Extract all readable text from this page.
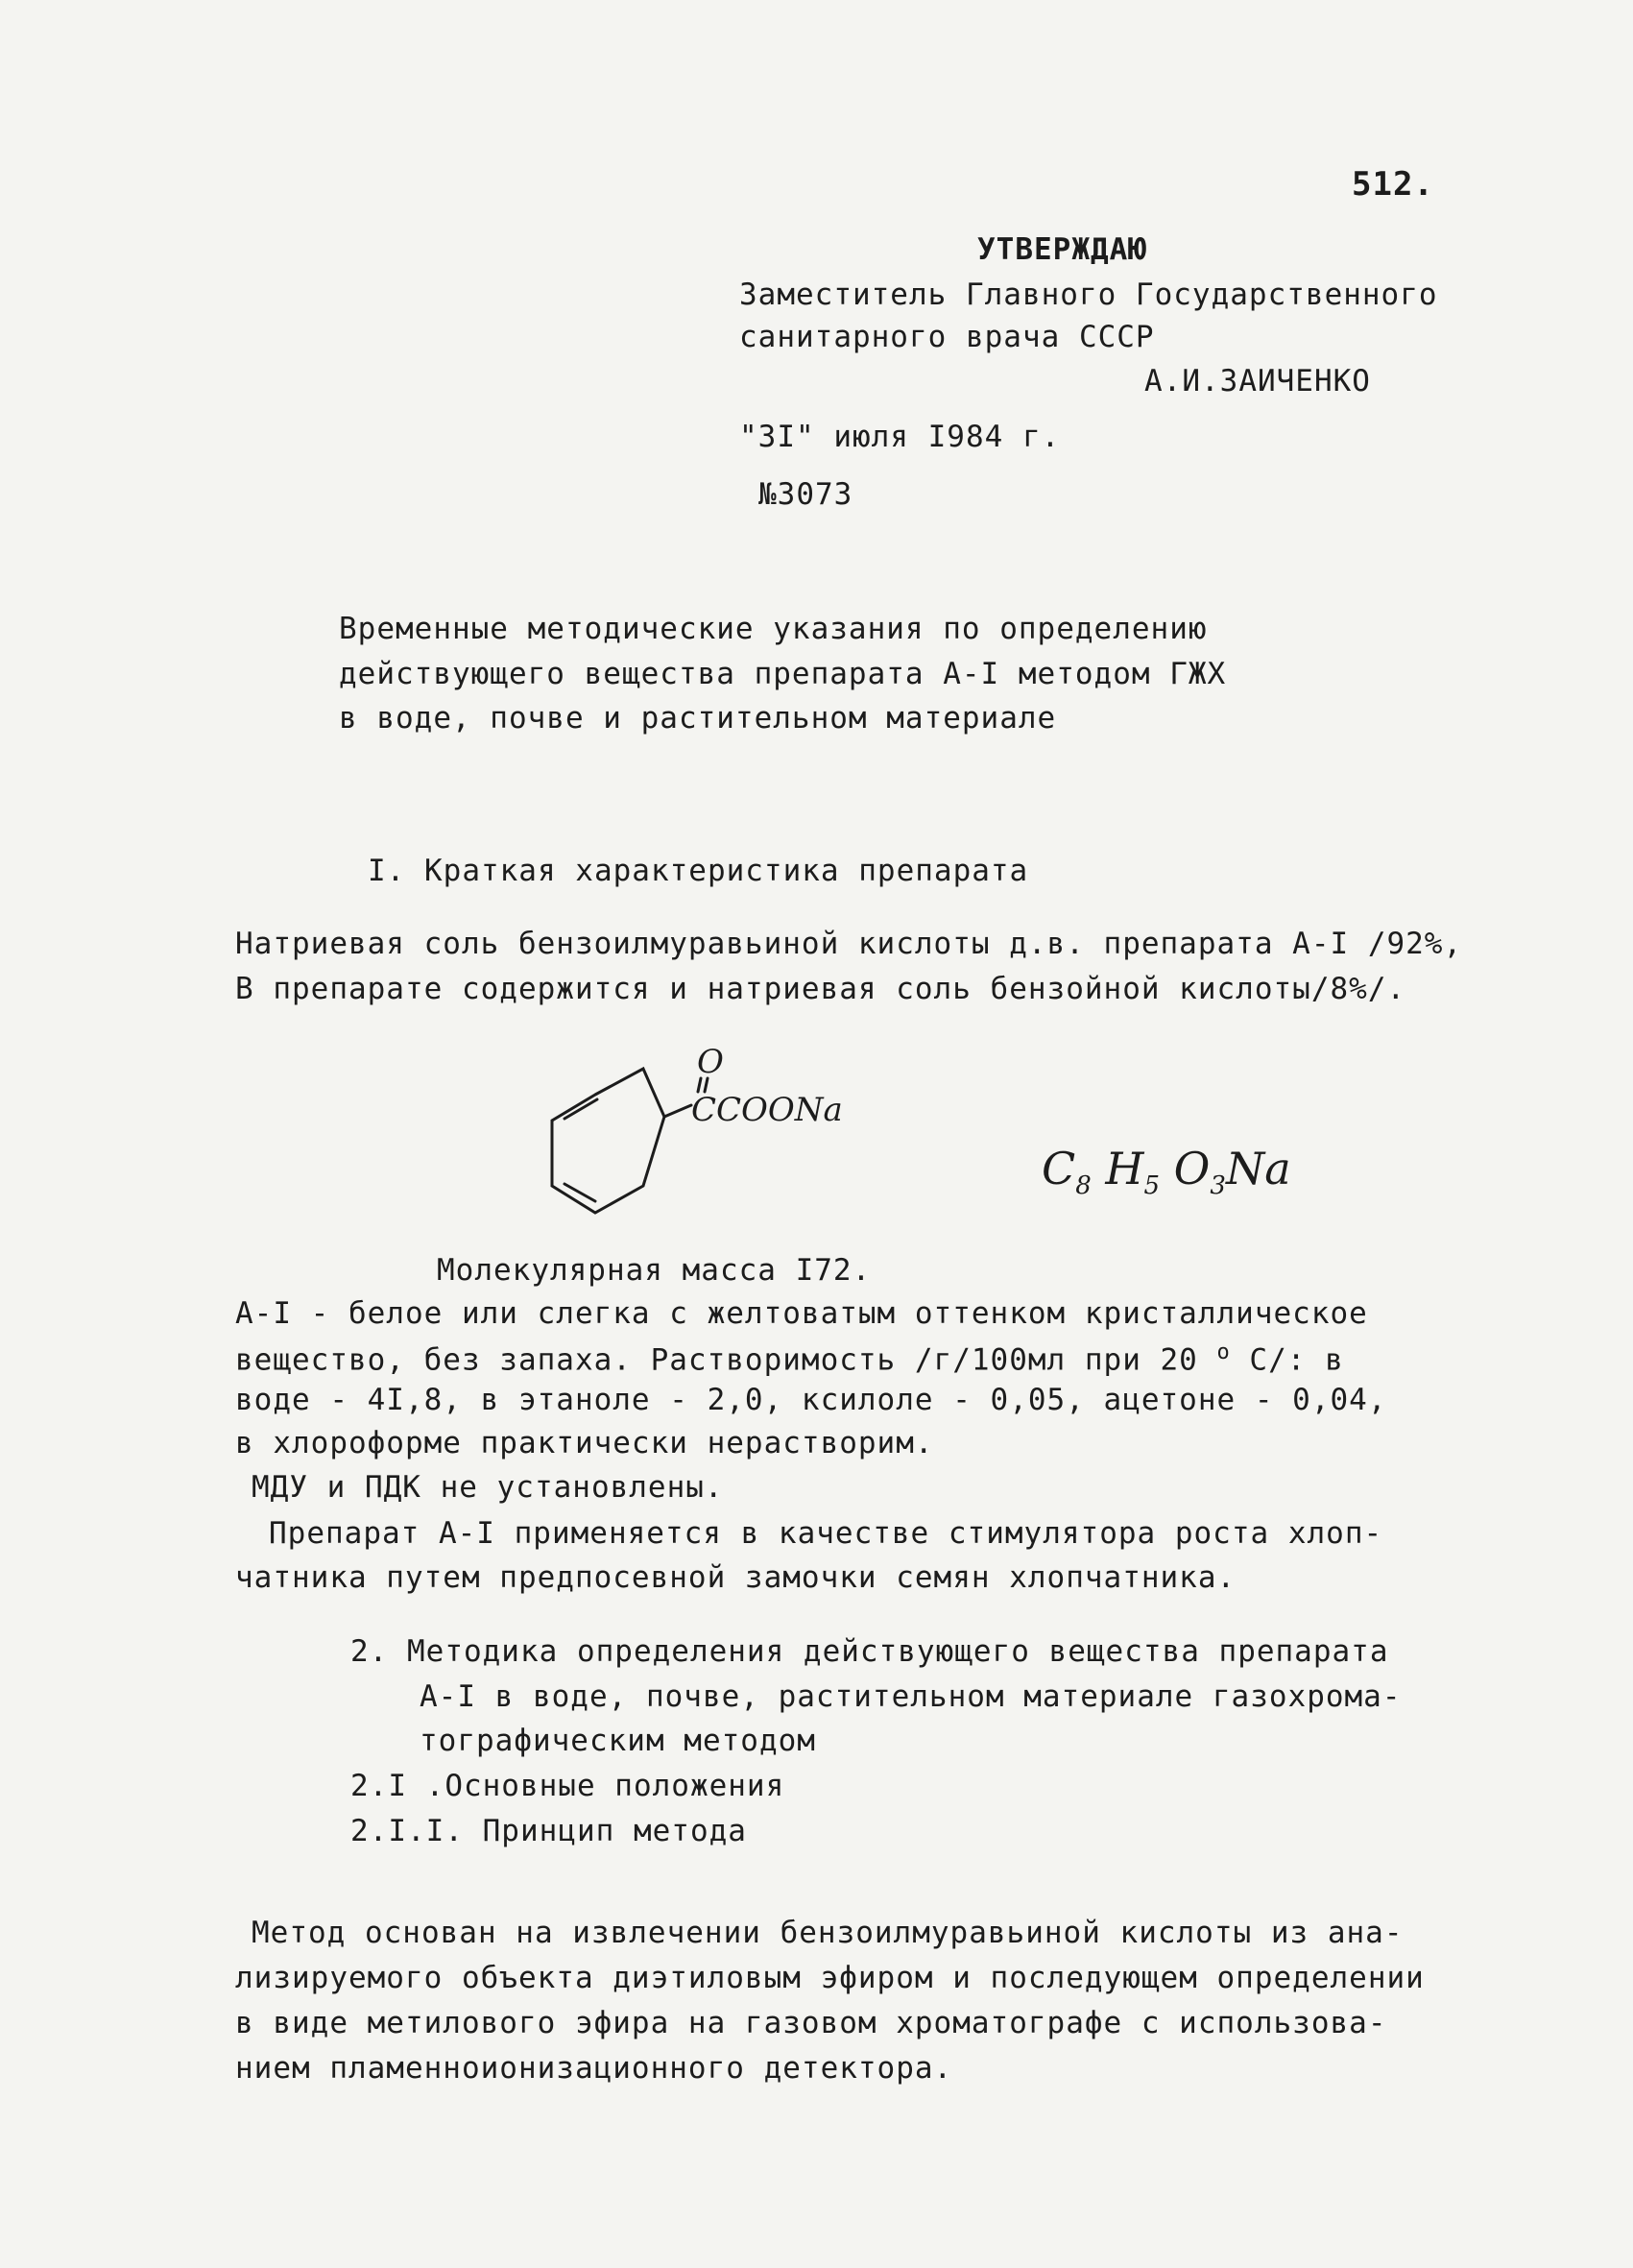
512.
УТВЕРЖДАЮ
Заместитель Главного Государственного
санитарного врача СССР
А.И.ЗАИЧЕНКО
"3I" июля I984 г.
№3073
Временные методические указания по определению
действующего вещества препарата А-I методом ГЖХ
в воде, почве и растительном материале
I. Краткая характеристика препарата
Натриевая соль бензоилмуравьиной кислоты д.в. препарата А-I /92%,
В препарате содержится и натриевая соль бензойной кислоты/8%/.
O
CCOONa
$C_8$ $H_5$ $O_3Na$
Молекулярная масса I72.
А-I - белое или слегка с желтоватым оттенком кристаллическое
вещество, без запаха. Растворимость /г/100мл при 20 $^о$ С/: в
воде - 4I,8, в этаноле - 2,0, ксилоле - 0,05, ацетоне - 0,04,
в хлороформе практически нерастворим.
МДУ и ПДК не установлены.
Препарат А-I применяется в качестве стимулятора роста хлоп-
чатника путем предпосевной замочки семян хлопчатника.
2. Методика определения действующего вещества препарата
А-I в воде, почве, растительном материале газохрома-
тографическим методом
2.I .Основные положения
2.I.I. Принцип метода
Метод основан на извлечении бензоилмуравьиной кислоты из ана-
лизируемого объекта диэтиловым эфиром и последующем определении
в виде метилового эфира на газовом хроматографе с использова-
нием пламенноионизационного детектора.
